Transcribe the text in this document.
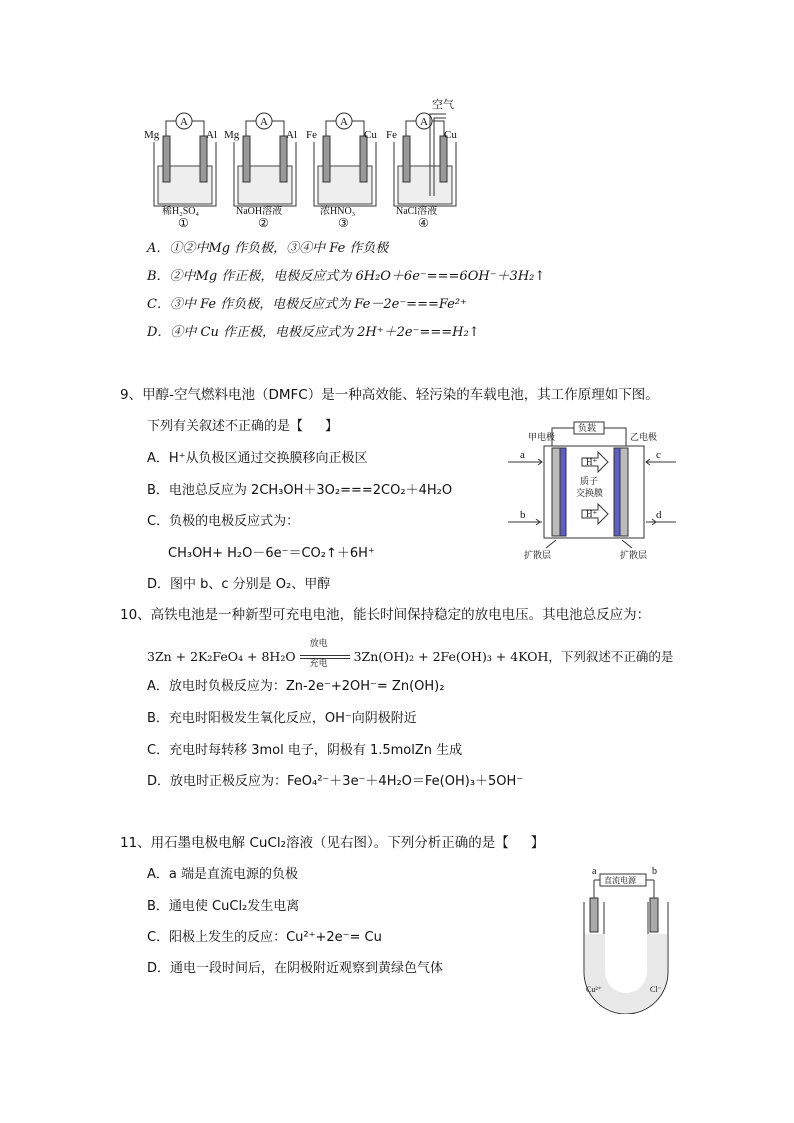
A
Mg	Al
稀H₂SO₄
A
Mg	Al
NaOH溶液
A
Fe	Cu
浓HNO₃
A
Fe	Cu
空气
NaCl溶液
①	②	③	④
A．①②中Mg 作负极，③④中 Fe 作负极
B．②中Mg 作正极，电极反应式为 6H₂O＋6e⁻===6OH⁻＋3H₂↑
C．③中 Fe 作负极，电极反应式为 Fe－2e⁻===Fe²⁺
D．④中 Cu 作正极，电极反应式为 2H⁺＋2e⁻===H₂↑
9、甲醇-空气燃料电池（DMFC）是一种高效能、轻污染的车载电池，其工作原理如下图。
下列有关叙述不正确的是【 】
A．H⁺从负极区通过交换膜移向正极区
B．电池总反应为 2CH₃OH＋3O₂===2CO₂＋4H₂O
C．负极的电极反应式为：
CH₃OH+ H₂O－6e⁻＝CO₂↑＋6H⁺
D．图中 b、c 分别是 O₂、甲醇
负载
甲电极	乙电极
H⁺
质子
交换膜
H⁺
扩散层	扩散层
a
b
c
d
10、高铁电池是一种新型可充电电池，能长时间保持稳定的放电电压。其电池总反应为：
3Zn + 2K₂FeO₄ + 8H₂O
放电
充电 3Zn(OH)₂ + 2Fe(OH)₃ + 4KOH，下列叙述不正确的是
A．放电时负极反应为：Zn-2e⁻+2OH⁻= Zn(OH)₂
B．充电时阳极发生氧化反应，OH⁻向阴极附近
C．充电时每转移 3mol 电子，阴极有 1.5molZn 生成
D．放电时正极反应为：FeO₄²⁻＋3e⁻＋4H₂O＝Fe(OH)₃＋5OH⁻
11、用石墨电极电解 CuCl₂溶液（见右图）。下列分析正确的是【 】
A．a 端是直流电源的负极
B．通电使 CuCl₂发生电离
C．阳极上发生的反应：Cu²⁺+2e⁻= Cu
D．通电一段时间后，在阴极附近观察到黄绿色气体
直流电源
a	b
Cu²⁺	Cl⁻
